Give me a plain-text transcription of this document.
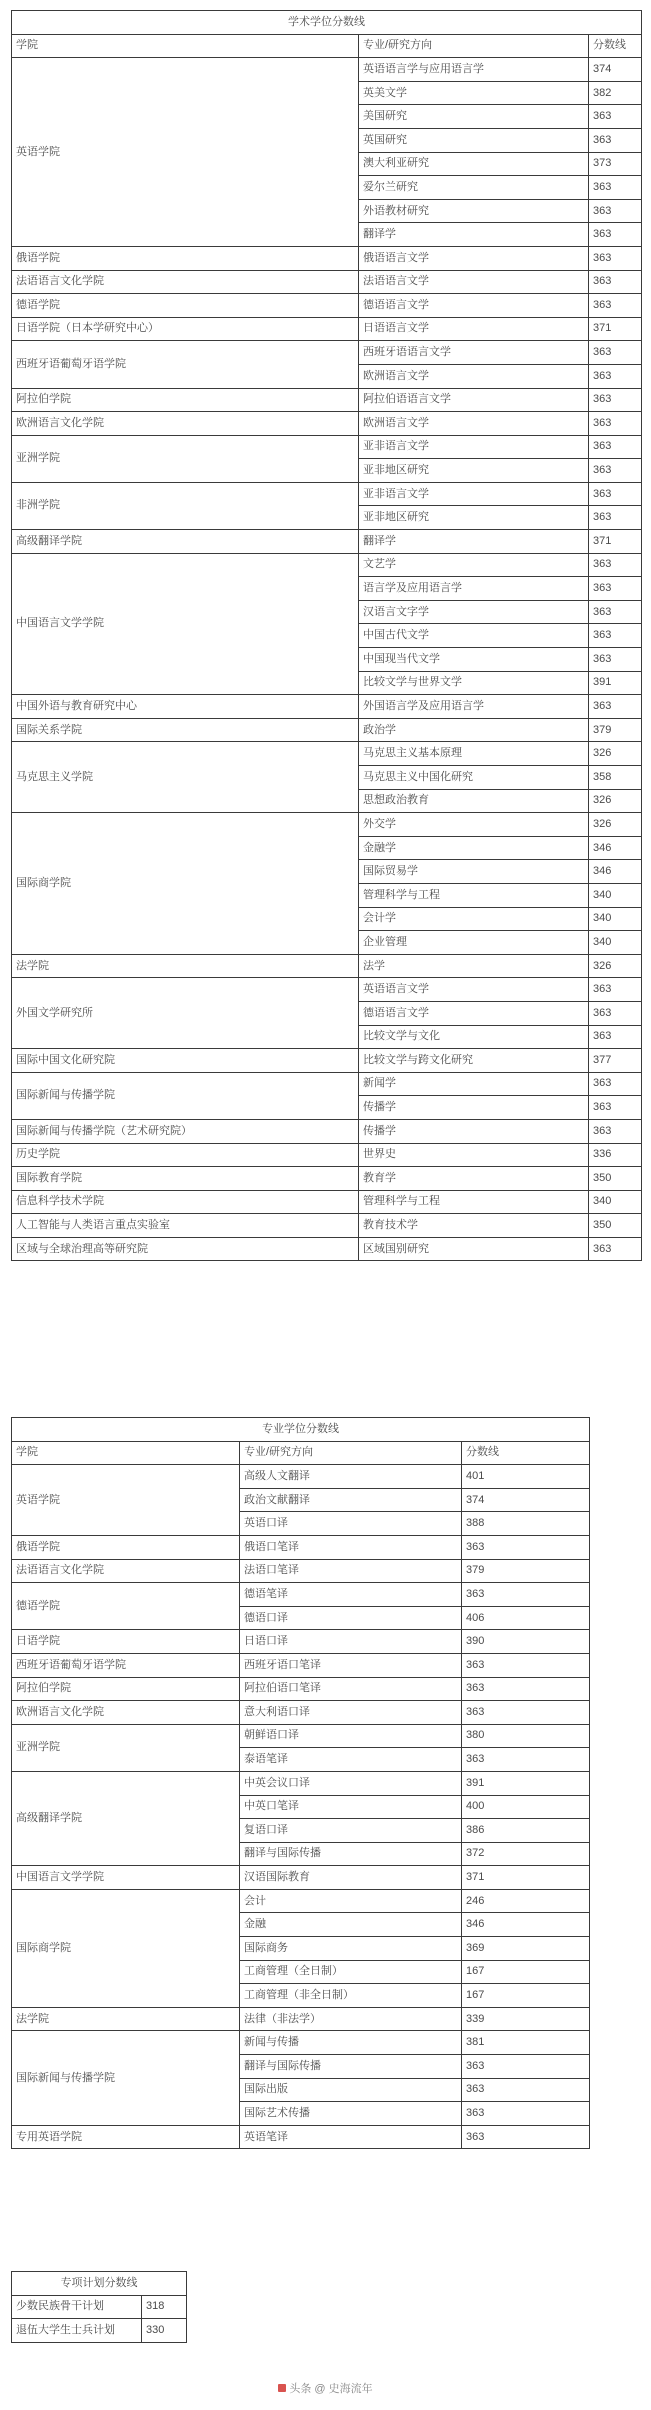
学术学位分数线		
学院	专业/研究方向	分数线
英语学院	英语语言学与应用语言学	374
	英美文学	382
	美国研究	363
	英国研究	363
	澳大利亚研究	373
	爱尔兰研究	363
	外语教材研究	363
	翻译学	363
俄语学院	俄语语言文学	363
法语语言文化学院	法语语言文学	363
德语学院	德语语言文学	363
日语学院（日本学研究中心）	日语语言文学	371
西班牙语葡萄牙语学院	西班牙语语言文学	363
	欧洲语言文学	363
阿拉伯学院	阿拉伯语语言文学	363
欧洲语言文化学院	欧洲语言文学	363
亚洲学院	亚非语言文学	363
	亚非地区研究	363
非洲学院	亚非语言文学	363
	亚非地区研究	363
高级翻译学院	翻译学	371
中国语言文学学院	文艺学	363
	语言学及应用语言学	363
	汉语言文字学	363
	中国古代文学	363
	中国现当代文学	363
	比较文学与世界文学	391
中国外语与教育研究中心	外国语言学及应用语言学	363
国际关系学院	政治学	379
马克思主义学院	马克思主义基本原理	326
	马克思主义中国化研究	358
	思想政治教育	326
国际商学院	外交学	326
	金融学	346
	国际贸易学	346
	管理科学与工程	340
	会计学	340
	企业管理	340
法学院	法学	326
外国文学研究所	英语语言文学	363
	德语语言文学	363
	比较文学与文化	363
国际中国文化研究院	比较文学与跨文化研究	377
国际新闻与传播学院	新闻学	363
	传播学	363
国际新闻与传播学院（艺术研究院）	传播学	363
历史学院	世界史	336
国际教育学院	教育学	350
信息科学技术学院	管理科学与工程	340
人工智能与人类语言重点实验室	教育技术学	350
区域与全球治理高等研究院	区域国别研究	363
专业学位分数线		
学院	专业/研究方向	分数线
英语学院	高级人文翻译	401
	政治文献翻译	374
	英语口译	388
俄语学院	俄语口笔译	363
法语语言文化学院	法语口笔译	379
德语学院	德语笔译	363
	德语口译	406
日语学院	日语口译	390
西班牙语葡萄牙语学院	西班牙语口笔译	363
阿拉伯学院	阿拉伯语口笔译	363
欧洲语言文化学院	意大利语口译	363
亚洲学院	朝鲜语口译	380
	泰语笔译	363
高级翻译学院	中英会议口译	391
	中英口笔译	400
	复语口译	386
	翻译与国际传播	372
中国语言文学学院	汉语国际教育	371
国际商学院	会计	246
	金融	346
	国际商务	369
	工商管理（全日制）	167
	工商管理（非全日制）	167
法学院	法律（非法学）	339
国际新闻与传播学院	新闻与传播	381
	翻译与国际传播	363
	国际出版	363
	国际艺术传播	363
专用英语学院	英语笔译	363
专项计划分数线	
少数民族骨干计划	318
退伍大学生士兵计划	330
头条 @ 史海流年
